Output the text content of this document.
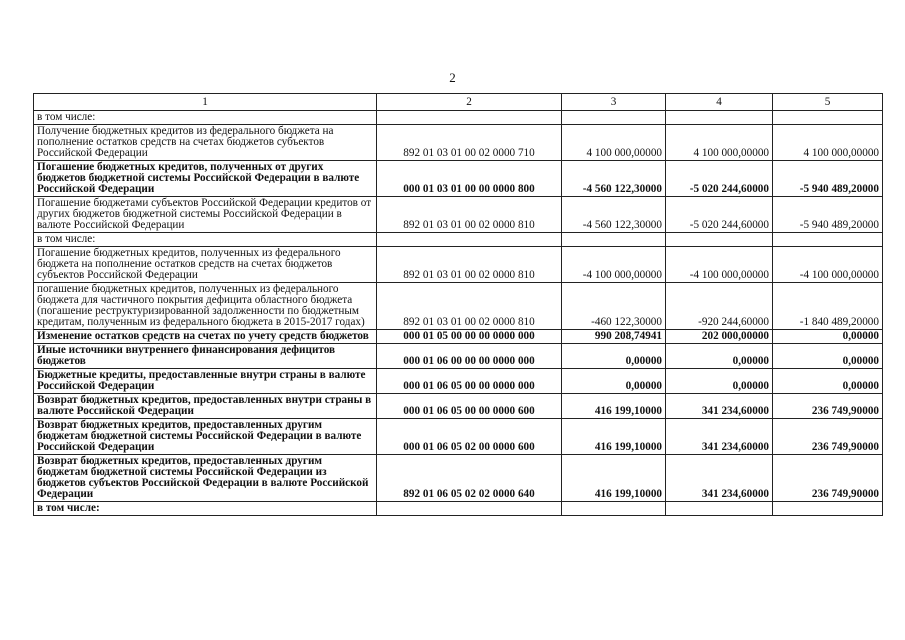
2
1	2	3	4	5
в том числе:				
Получение бюджетных кредитов из федерального бюджета на пополнение остатков средств на счетах бюджетов субъектов Российской Федерации	892 01 03 01 00 02 0000 710	4 100 000,00000	4 100 000,00000	4 100 000,00000
Погашение бюджетных кредитов, полученных от других бюджетов бюджетной системы Российской Федерации в валюте Российской Федерации	000 01 03 01 00 00 0000 800	-4 560 122,30000	-5 020 244,60000	-5 940 489,20000
Погашение бюджетами субъектов Российской Федерации кредитов от других бюджетов бюджетной системы Российской Федерации в валюте Российской Федерации	892 01 03 01 00 02 0000 810	-4 560 122,30000	-5 020 244,60000	-5 940 489,20000
в том числе:				
Погашение бюджетных кредитов, полученных из федерального бюджета на пополнение остатков средств на счетах бюджетов субъектов Российской Федерации	892 01 03 01 00 02 0000 810	-4 100 000,00000	-4 100 000,00000	-4 100 000,00000
погашение бюджетных кредитов, полученных из федерального бюджета для частичного покрытия дефицита областного бюджета (погашение реструктуризированной задолженности по бюджетным кредитам, полученным из федерального бюджета в 2015-2017 годах)	892 01 03 01 00 02 0000 810	-460 122,30000	-920 244,60000	-1 840 489,20000
Изменение остатков средств на счетах по учету средств бюджетов	000 01 05 00 00 00 0000 000	990 208,74941	202 000,00000	0,00000
Иные источники внутреннего финансирования дефицитов бюджетов	000 01 06 00 00 00 0000 000	0,00000	0,00000	0,00000
Бюджетные кредиты, предоставленные внутри страны в валюте Российской Федерации	000 01 06 05 00 00 0000 000	0,00000	0,00000	0,00000
Возврат бюджетных кредитов, предоставленных внутри страны в валюте Российской Федерации	000 01 06 05 00 00 0000 600	416 199,10000	341 234,60000	236 749,90000
Возврат бюджетных кредитов, предоставленных другим бюджетам бюджетной системы Российской Федерации в валюте Российской Федерации	000 01 06 05 02 00 0000 600	416 199,10000	341 234,60000	236 749,90000
Возврат бюджетных кредитов, предоставленных другим бюджетам бюджетной системы Российской Федерации из бюджетов субъектов Российской Федерации в валюте Российской Федерации	892 01 06 05 02 02 0000 640	416 199,10000	341 234,60000	236 749,90000
в том числе:				
